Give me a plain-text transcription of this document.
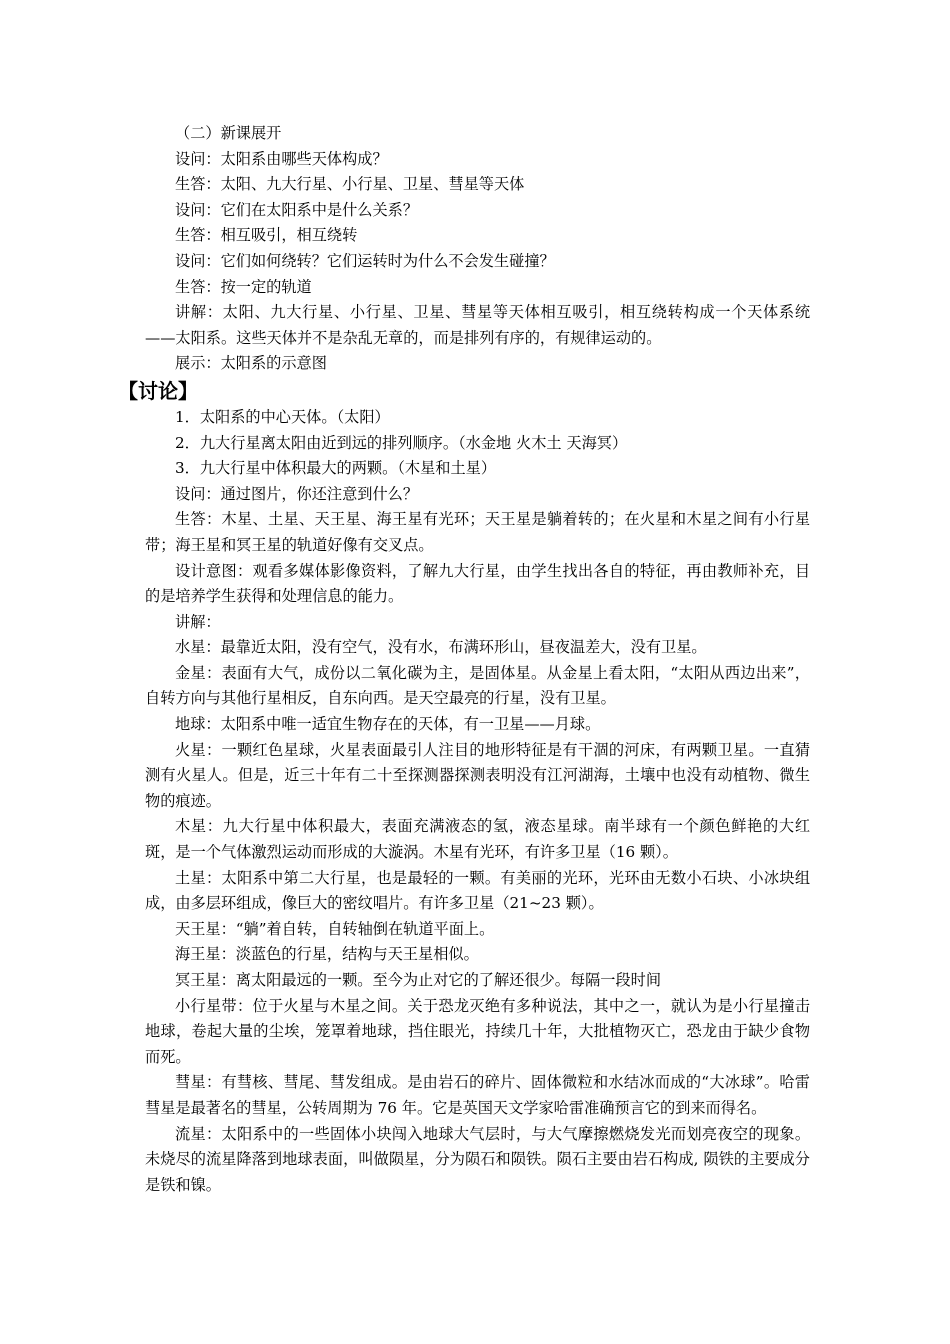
（二）新课展开

设问：太阳系由哪些天体构成？

生答：太阳、九大行星、小行星、卫星、彗星等天体

设问：它们在太阳系中是什么关系？

生答：相互吸引，相互绕转

设问：它们如何绕转？它们运转时为什么不会发生碰撞？

生答：按一定的轨道

讲解：太阳、九大行星、小行星、卫星、彗星等天体相互吸引，相互绕转构成一个天体系统——太阳系。这些天体并不是杂乱无章的，而是排列有序的，有规律运动的。

展示：太阳系的示意图

【讨论】

1．太阳系的中心天体。（太阳）

2．九大行星离太阳由近到远的排列顺序。（水金地 火木土 天海冥）

3．九大行星中体积最大的两颗。（木星和土星）

设问：通过图片，你还注意到什么？

生答：木星、土星、天王星、海王星有光环；天王星是躺着转的；在火星和木星之间有小行星带；海王星和冥王星的轨道好像有交叉点。

设计意图：观看多媒体影像资料，了解九大行星，由学生找出各自的特征，再由教师补充，目的是培养学生获得和处理信息的能力。

讲解：

水星：最靠近太阳，没有空气，没有水，布满环形山，昼夜温差大，没有卫星。

金星：表面有大气，成份以二氧化碳为主，是固体星。从金星上看太阳，“太阳从西边出来”，自转方向与其他行星相反，自东向西。是天空最亮的行星，没有卫星。

地球：太阳系中唯一适宜生物存在的天体，有一卫星——月球。

火星：一颗红色星球，火星表面最引人注目的地形特征是有干涸的河床，有两颗卫星。一直猜测有火星人。但是，近三十年有二十至探测器探测表明没有江河湖海，土壤中也没有动植物、微生物的痕迹。

木星：九大行星中体积最大，表面充满液态的氢，液态星球。南半球有一个颜色鲜艳的大红斑，是一个气体激烈运动而形成的大漩涡。木星有光环，有许多卫星（16 颗）。

土星：太阳系中第二大行星，也是最轻的一颗。有美丽的光环，光环由无数小石块、小冰块组成，由多层环组成，像巨大的密纹唱片。有许多卫星（21~23 颗）。

天王星：“躺”着自转，自转轴倒在轨道平面上。

海王星：淡蓝色的行星，结构与天王星相似。

冥王星：离太阳最远的一颗。至今为止对它的了解还很少。每隔一段时间

小行星带：位于火星与木星之间。关于恐龙灭绝有多种说法，其中之一，就认为是小行星撞击地球，卷起大量的尘埃，笼罩着地球，挡住眼光，持续几十年，大批植物灭亡，恐龙由于缺少食物而死。

彗星：有彗核、彗尾、彗发组成。是由岩石的碎片、固体微粒和水结冰而成的“大冰球”。哈雷彗星是最著名的彗星，公转周期为 76 年。它是英国天文学家哈雷准确预言它的到来而得名。

流星：太阳系中的一些固体小块闯入地球大气层时，与大气摩擦燃烧发光而划亮夜空的现象。未烧尽的流星降落到地球表面，叫做陨星，分为陨石和陨铁。陨石主要由岩石构成, 陨铁的主要成分是铁和镍。
